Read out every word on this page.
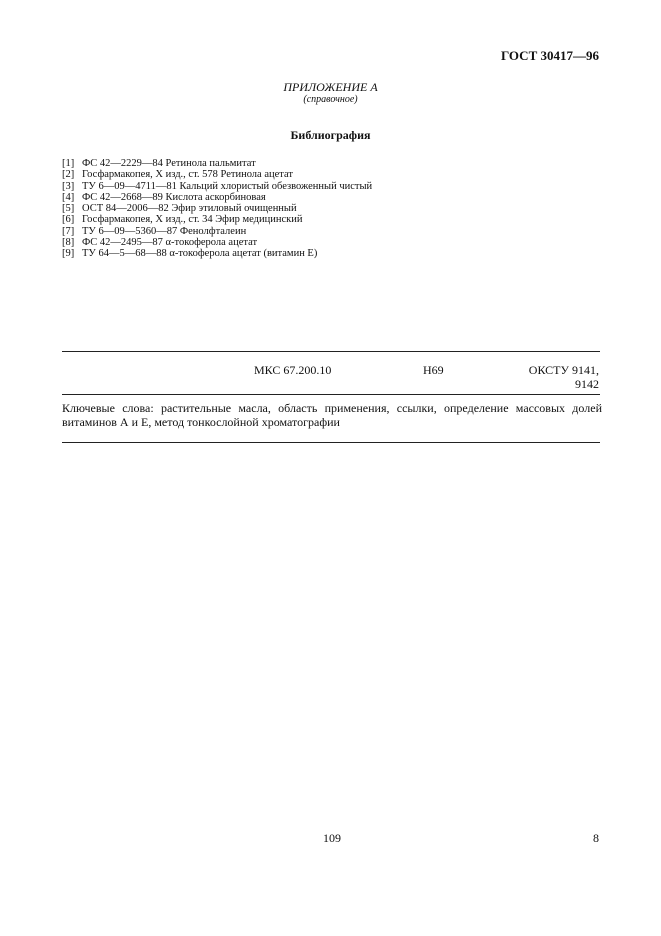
ГОСТ 30417—96
ПРИЛОЖЕНИЕ А
(справочное)
Библиография
[1] ФС 42—2229—84 Ретинола пальмитат
[2] Госфармакопея, Х изд., ст. 578 Ретинола ацетат
[3] ТУ 6—09—4711—81 Кальций хлористый обезвоженный чистый
[4] ФС 42—2668—89 Кислота аскорбиновая
[5] ОСТ 84—2006—82 Эфир этиловый очищенный
[6] Госфармакопея, Х изд., ст. 34 Эфир медицинский
[7] ТУ 6—09—5360—87 Фенолфталеин
[8] ФС 42—2495—87 α-токоферола ацетат
[9] ТУ 64—5—68—88 α-токоферола ацетат (витамин Е)
МКС 67.200.10	Н69	ОКСТУ 9141,
9142
Ключевые слова: растительные масла, область применения, ссылки, определение массовых долей витаминов А и Е, метод тонкослойной хроматографии
109	8
